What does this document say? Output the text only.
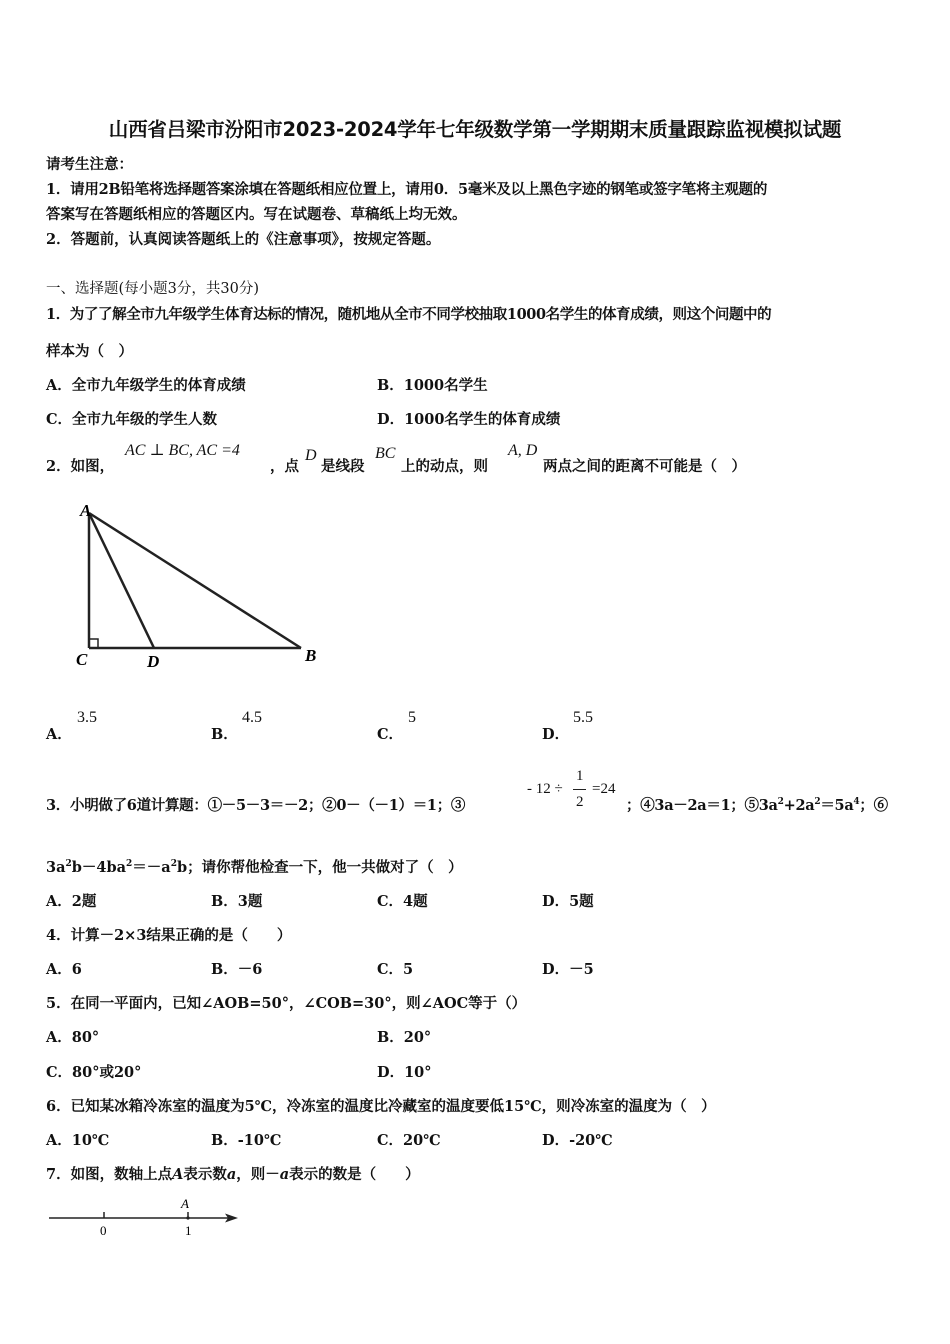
山西省吕梁市汾阳市2023-2024学年七年级数学第一学期期末质量跟踪监视模拟试题
请考生注意：
1．请用2B铅笔将选择题答案涂填在答题纸相应位置上，请用0．5毫米及以上黑色字迹的钢笔或签字笔将主观题的
答案写在答题纸相应的答题区内。写在试题卷、草稿纸上均无效。
2．答题前，认真阅读答题纸上的《注意事项》，按规定答题。
一、选择题(每小题3分，共30分)
1．为了了解全市九年级学生体育达标的情况，随机地从全市不同学校抽取1000名学生的体育成绩，则这个问题中的
样本为（　）
A．全市九年级学生的体育成绩	B．1000名学生
C．全市九年级的学生人数	D．1000名学生的体育成绩
2．如图，
AC ⊥ BC, AC =4
，点
D
是线段
BC
上的动点，则
A, D
两点之间的距离不可能是（　）
A
C	D	B
A．
3.5
B．
4.5
C．
5
D．
5.5
3．小明做了6道计算题：①－5－3＝－2；②0－（－1）＝1；③
- 12 ÷
1
2
=24
；④3a－2a＝1；$⑤3a^2+2a^2=5a^4$；⑥
$3a^2b-4ba^2=-a^2b$；请你帮他检查一下，他一共做对了（　）
A．2题	B．3题	C．4题	D．5题
4．计算－2×3结果正确的是（　　）
A．6	B．－6	C．5	D．－5
5．在同一平面内，已知∠AOB=50°，∠COB=30°，则∠AOC等于（）
A．80°	B．20°
C．80°或20°	D．10°
6．已知某冰箱冷冻室的温度为5℃，冷冻室的温度比冷藏室的温度要低15℃，则冷冻室的温度为（　）
A．10℃	B．-10℃	C．20℃	D．-20℃
7．如图，数轴上点A表示数a，则－a表示的数是（　　）
A
0	1
